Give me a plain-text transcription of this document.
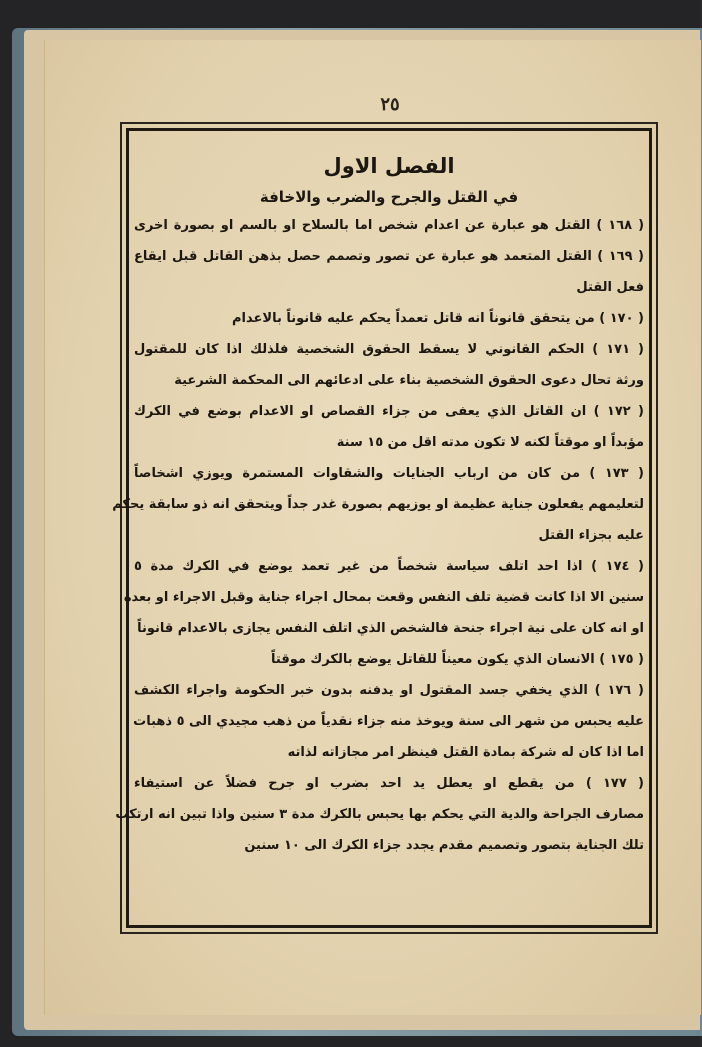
٢٥
الفصل الاول
في القتل والجرح والضرب والاخافة
( ١٦٨ ) القتل هو عبارة عن اعدام شخص اما بالسلاح او بالسم او بصورة اخرى
( ١٦٩ ) القتل المتعمد هو عبارة عن تصور وتصمم حصل بذهن القاتل قبل ايقاع
فعل القتل
( ١٧٠ ) من يتحقق قانوناً انه قاتل تعمداً يحكم عليه قانوناً بالاعدام
( ١٧١ ) الحكم القانوني لا يسقط الحقوق الشخصية فلذلك اذا كان للمقتول
ورثة تحال دعوى الحقوق الشخصية بناء على ادعائهم الى المحكمة الشرعية
( ١٧٢ ) ان القاتل الذي يعفى من جزاء القصاص او الاعدام بوضع في الكرك
مؤبداً او موقتاً لكنه لا تكون مدته اقل من ١٥ سنة
( ١٧٣ ) من كان من ارباب الجنايات والشقاوات المستمرة ويوزي اشخاصاً
لتعليمهم يفعلون جناية عظيمة او يوزيهم بصورة غدر جداً ويتحقق انه ذو سابقة يحكم
عليه بجزاء القتل
( ١٧٤ ) اذا احد اتلف سياسة شخصاً من غير تعمد يوضع في الكرك مدة ٥
سنين الا اذا كانت قضية تلف النفس وقعت بمحال اجراء جناية وقبل الاجراء او بعده
او انه كان على نية اجراء جنحة فالشخص الذي اتلف النفس يجازى بالاعدام قانوناً
( ١٧٥ ) الانسان الذي يكون معيناً للقاتل يوضع بالكرك موقتاً
( ١٧٦ ) الذي يخفي جسد المقتول او يدفنه بدون خبر الحكومة واجراء الكشف
عليه يحبس من شهر الى سنة ويوخذ منه جزاء نقدياً من ذهب مجيدي الى ٥ ذهبات
اما اذا كان له شركة بمادة القتل فينظر امر مجازاته لذاته
( ١٧٧ ) من يقطع او يعطل يد احد بضرب او جرح فضلاً عن استيفاء
مصارف الجراحة والدية التي يحكم بها يحبس بالكرك مدة ٣ سنين واذا تبين انه ارتكب
تلك الجناية بتصور وتصميم مقدم يجدد جزاء الكرك الى ١٠ سنين
